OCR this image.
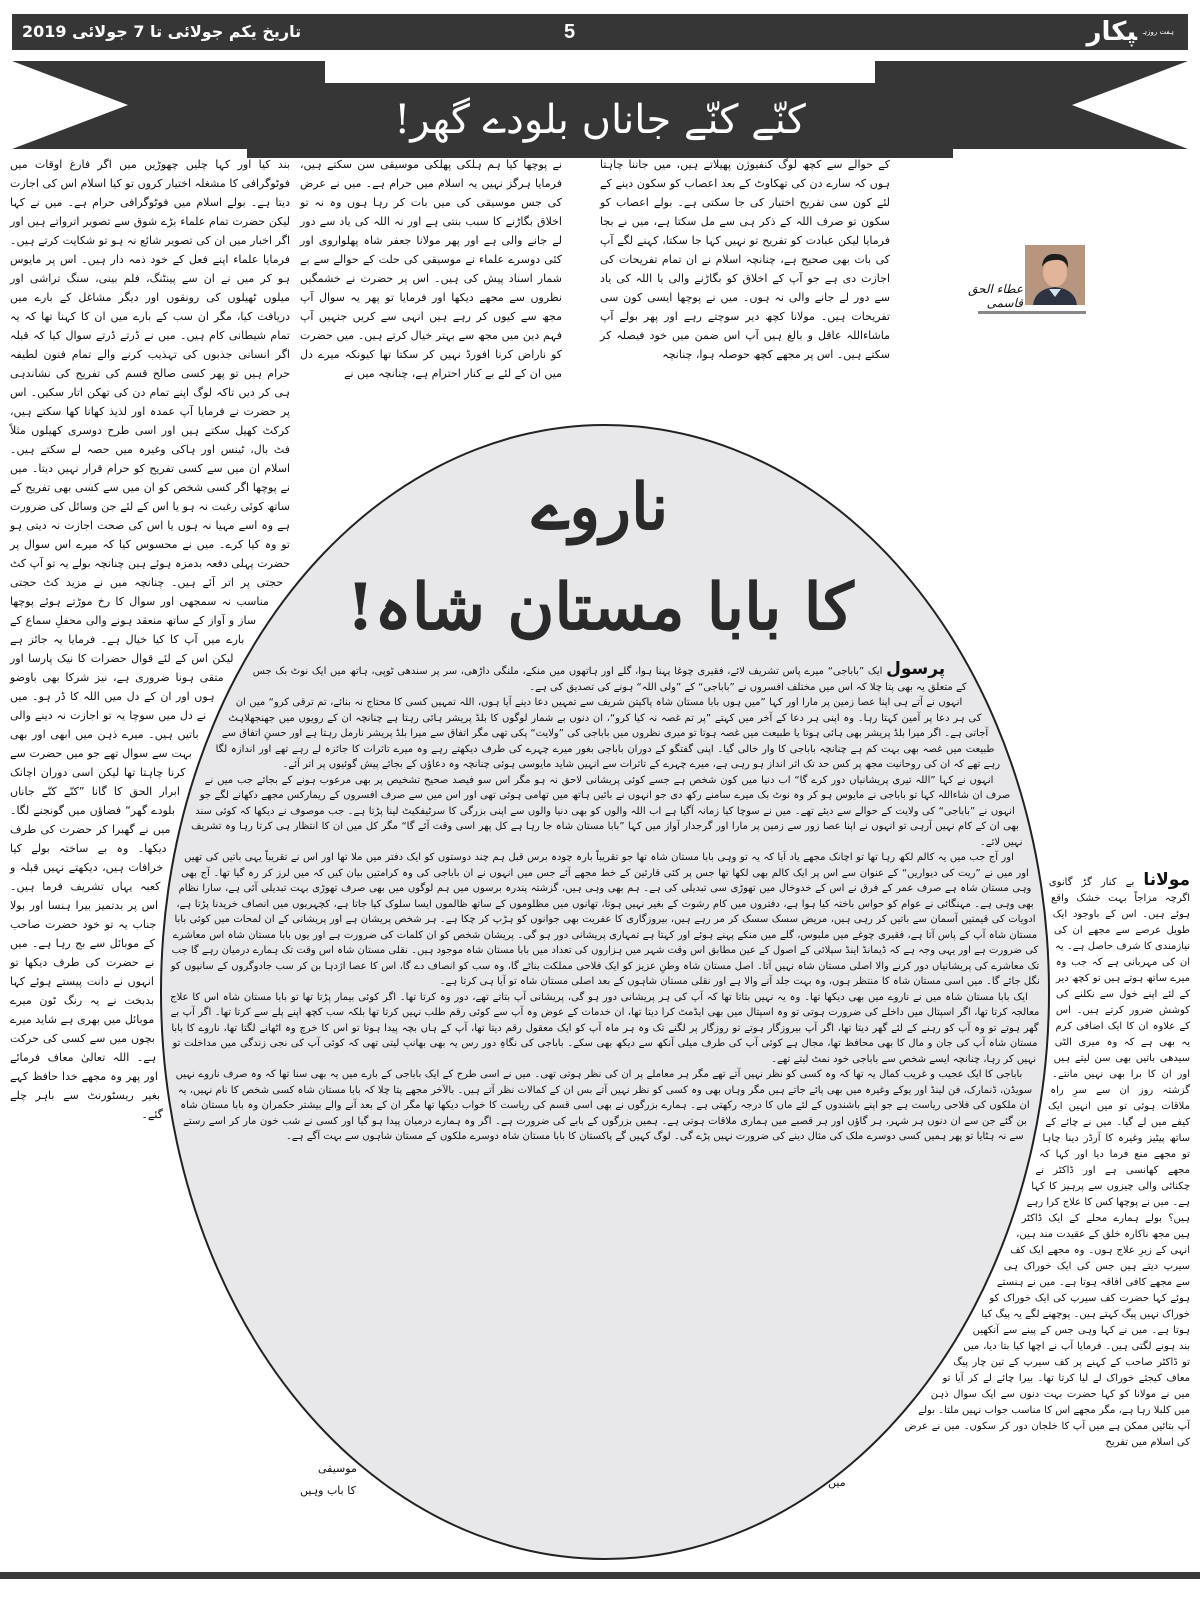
$^{ہفت روزہ}$پکار
5
تاریخ یکم جولائی تا 7 جولائی 2019
کنّے کنّے جاناں بلودے گھر!
عطاء الحق قاسمی

بند کیا اور کہا چلیں چھوڑیں میں اگر فارغ اوقات میں فوٹوگرافی کا مشغلہ اختیار کروں تو کیا اسلام اس کی اجازت دیتا ہے۔ بولے اسلام میں فوٹوگرافی حرام ہے۔ میں نے کہا لیکن حضرت تمام علماء بڑے شوق سے تصویر اترواتے ہیں اور اگر اخبار میں ان کی تصویر شائع نہ ہو تو شکایت کرتے ہیں۔ فرمایا علماء اپنے فعل کے خود ذمہ دار ہیں۔ اس پر مایوس ہو کر میں نے ان سے پینٹنگ، فلم بینی، سنگ تراشی اور میلوں ٹھیلوں کی رونقوں اور دیگر مشاغل کے بارے میں دریافت کیا، مگر ان سب کے بارے میں ان کا کہنا تھا کہ یہ تمام شیطانی کام ہیں۔ میں نے ڈرتے ڈرتے سوال کیا کہ قبلہ اگر انسانی جذبوں کی تہذیب کرنے والے تمام فنون لطیفہ حرام ہیں تو پھر کسی صالح قسم کی تفریح کی نشاندہی ہی کر دیں تاکہ لوگ اپنے تمام دن کی تھکن اتار سکیں۔ اس پر حضرت نے فرمایا آپ عمدہ اور لذیذ کھانا کھا سکتے ہیں، کرکٹ کھیل سکتے ہیں اور اسی طرح دوسری کھیلوں مثلاً فٹ بال، ٹینس اور ہاکی وغیرہ میں حصہ لے سکتے ہیں۔ اسلام ان میں سے کسی تفریح کو حرام قرار نہیں دیتا۔ میں نے پوچھا اگر کسی شخص کو ان میں سے کسی بھی تفریح کے ساتھ کوئی رغبت نہ ہو یا اس کے لئے جن وسائل کی ضرورت ہے وہ اسے مہیا نہ ہوں یا اس کی صحت اجازت نہ دیتی ہو تو وہ کیا کرے۔ میں نے محسوس کیا کہ میرے اس سوال پر حضرت پہلی دفعہ بدمزہ ہوئے ہیں چنانچہ بولے یہ تو آپ کٹ حجتی پر اتر آئے ہیں۔ چنانچہ میں نے مزید کٹ حجتی مناسب نہ سمجھی اور سوال کا رخ موڑتے ہوئے پوچھا ساز و آواز کے ساتھ منعقد ہونے والی محفلِ سماع کے بارے میں آپ کا کیا خیال ہے۔ فرمایا یہ جائز ہے لیکن اس کے لئے قوال حضرات کا نیک پارسا اور متقی ہونا ضروری ہے، نیز شرکا بھی باوضو ہوں اور ان کے دل میں اللہ کا ڈر ہو۔ میں نے دل میں سوچا یہ تو اجازت نہ دینے والی باتیں ہیں۔ میرے ذہن میں ابھی اور بھی بہت سے سوال تھے جو میں حضرت سے کرنا چاہتا تھا لیکن اسی دوران اچانک ابرار الحق کا گانا ”کنّے کنّے جاناں بلودے گھر“ فضاؤں میں گونجنے لگا۔ میں نے گھبرا کر حضرت کی طرف دیکھا۔ وہ بے ساختہ بولے کیا خرافات ہیں، دیکھتے نہیں قبلہ و کعبہ یہاں تشریف فرما ہیں۔ اس پر بدتمیز بیرا ہنسا اور بولا جناب یہ تو خود حضرت صاحب کے موبائل سے بج رہا ہے۔ میں نے حضرت کی طرف دیکھا تو انہوں نے دانت پیستے ہوئے کہا بدبخت نے یہ رنگ ٹون میرے موبائل میں بھری ہے شاید میرے بچوں میں سے کسی کی حرکت ہے۔ اللہ تعالیٰ معاف فرمائے اور پھر وہ مجھے خدا حافظ کہے بغیر ریسٹورنٹ سے باہر چلے گئے۔

نے پوچھا کیا ہم ہلکی پھلکی موسیقی سن سکتے ہیں، فرمایا ہرگز نہیں یہ اسلام میں حرام ہے۔ میں نے عرض کی جس موسیقی کی میں بات کر رہا ہوں وہ نہ تو اخلاق بگاڑنے کا سبب بنتی ہے اور نہ اللہ کی یاد سے دور لے جانے والی ہے اور پھر مولانا جعفر شاہ پھلواروی اور کئی دوسرے علماء نے موسیقی کی حلت کے حوالے سے بے شمار اسناد پیش کی ہیں۔ اس پر حضرت نے خشمگیں نظروں سے مجھے دیکھا اور فرمایا تو پھر یہ سوال آپ مجھ سے کیوں کر رہے ہیں انہی سے کریں جنہیں آپ فہم دین میں مجھ سے بہتر خیال کرتے ہیں۔ میں حضرت کو ناراض کرنا افورڈ نہیں کر سکتا تھا کیونکہ میرے دل میں ان کے لئے بے کنار احترام ہے، چنانچہ میں نے

کے حوالے سے کچھ لوگ کنفیوژن پھیلاتے ہیں، میں جاننا چاہتا ہوں کہ سارے دن کی تھکاوٹ کے بعد اعصاب کو سکون دینے کے لئے کون سی تفریح اختیار کی جا سکتی ہے۔ بولے اعصاب کو سکون تو صرف اللہ کے ذکر ہی سے مل سکتا ہے، میں نے بجا فرمایا لیکن عبادت کو تفریح تو نہیں کہا جا سکتا، کہنے لگے آپ کی بات بھی صحیح ہے، چنانچہ اسلام نے ان تمام تفریحات کی اجازت دی ہے جو آپ کے اخلاق کو بگاڑنے والی یا اللہ کی یاد سے دور لے جانے والی نہ ہوں۔ میں نے پوچھا ایسی کون سی تفریحات ہیں۔ مولانا کچھ دیر سوچتے رہے اور پھر بولے آپ ماشاءاللہ عاقل و بالغ ہیں آپ اس ضمن میں خود فیصلہ کر سکتے ہیں۔ اس پر مجھے کچھ حوصلہ ہوا، چنانچہ

مولانا بے کنار گڑ گانوی اگرچہ مزاجاً بہت خشک واقع ہوئے ہیں۔ اس کے باوجود ایک طویل عرصے سے مجھے ان کی نیازمندی کا شرف حاصل ہے۔ یہ ان کی مہربانی ہے کہ جب وہ میرے ساتھ ہوتے ہیں تو کچھ دیر کے لئے اپنے خول سے نکلنے کی کوشش ضرور کرتے ہیں۔ اس کے علاوہ ان کا ایک اضافی کرم یہ بھی ہے کہ وہ میری الٹی سیدھی باتیں بھی سن لیتے ہیں اور ان کا برا بھی نہیں مانتے۔ گزشتہ روز ان سے سرِ راہ ملاقات ہوئی تو میں انہیں ایک کیفے میں لے گیا۔ میں نے چائے کے ساتھ پیٹیز وغیرہ کا آرڈر دینا چاہا تو مجھے منع فرما دیا اور کہا کہ مجھے کھانسی ہے اور ڈاکٹر نے چکنائی والی چیزوں سے پرہیز کا کہا ہے۔ میں نے پوچھا کس کا علاج کرا رہے ہیں؟ بولے ہمارے محلے کے ایک ڈاکٹر ہیں مجھ ناکارہ خلق کے عقیدت مند ہیں، انہی کے زیرِ علاج ہوں۔ وہ مجھے ایک کف سیرپ دیتے ہیں جس کی ایک خوراک ہی سے مجھے کافی افاقہ ہوتا ہے۔ میں نے ہنستے ہوئے کہا حضرت کف سیرپ کی ایک خوراک کو خوراک نہیں پیگ کہتے ہیں۔ پوچھنے لگے یہ پیگ کیا ہوتا ہے۔ میں نے کہا وہی جس کے پینے سے آنکھیں بند ہونے لگتی ہیں۔ فرمایا آپ نے اچھا کیا بتا دیا، میں تو ڈاکٹر صاحب کے کہنے پر کف سیرپ کے تین چار پیگ معاف کیجئے خوراک لے لیا کرتا تھا۔ بیرا چائے لے کر آیا تو میں نے مولانا کو کہا حضرت بہت دنوں سے ایک سوال ذہن میں کلبلا رہا ہے، مگر مجھے اس کا مناسب جواب نہیں ملتا۔ بولے آپ بتائیں ممکن ہے میں آپ کا خلجان دور کر سکوں۔ میں نے عرض کی اسلام میں تفریح

ناروے
کا بابا مستان شاہ!

پرسول ایک ”باباجی“ میرے پاس تشریف لائے، فقیری چوغا پہنا ہوا، گلے اور ہاتھوں میں منکے، ملنگی داڑھی، سر پر سندھی ٹوپی، ہاتھ میں ایک نوٹ بک جس کے متعلق یہ بھی پتا چلا کہ اس میں مختلف افسروں نے ”باباجی“ کے ”ولی اللہ“ ہونے کی تصدیق کی ہے۔

انہوں نے آتے ہی اپنا عصا زمین پر مارا اور کہا ”میں ہوں بابا مستان شاہ پاکپتن شریف سے تمہیں دعا دینے آیا ہوں، اللہ تمہیں کسی کا محتاج نہ بنائے، تم ترقی کرو“ میں ان کی ہر دعا پر آمین کہتا رہا۔ وہ اپنی ہر دعا کے آخر میں کہتے ”پر تم غصہ نہ کیا کرو“، ان دنوں بے شمار لوگوں کا بلڈ پریشر ہائی رہتا ہے چنانچہ ان کے رویوں میں جھنجھلاہٹ آجاتی ہے۔ اگر میرا بلڈ پریشر بھی ہائی ہوتا یا طبیعت میں غصہ ہوتا تو میری نظروں میں باباجی کی ”ولایت“ پکی تھی مگر اتفاق سے میرا بلڈ پریشر نارمل رہتا ہے اور حسنِ اتفاق سے طبیعت میں غصہ بھی بہت کم ہے چنانچہ باباجی کا وار خالی گیا۔ اپنی گفتگو کے دوران باباجی بغور میرے چہرے کی طرف دیکھتے رہے وہ میرے تاثرات کا جائزہ لے رہے تھے اور اندازہ لگا رہے تھے کہ ان کی روحانیت مجھ پر کس حد تک اثر انداز ہو رہی ہے، میرے چہرے کے تاثرات سے انہیں شاید مایوسی ہوئی چنانچہ وہ دعاؤں کے بجائے پیش گوئیوں پر اتر آئے۔

انہوں نے کہا ”اللہ تیری پریشانیاں دور کرے گا“ اب دنیا میں کون شخص ہے جسے کوئی پریشانی لاحق نہ ہو مگر اس سو فیصد صحیح تشخیص پر بھی مرعوب ہونے کے بجائے جب میں نے صرف ان شاءاللہ کہا تو باباجی نے مایوس ہو کر وہ نوٹ بک میرے سامنے رکھ دی جو انہوں نے بائیں ہاتھ میں تھامی ہوئی تھی اور اس میں سے صرف افسروں کے ریمارکس مجھے دکھانے لگے جو انہوں نے ”باباجی“ کی ولایت کے حوالے سے دیئے تھے۔ میں نے سوچا کیا زمانہ آگیا ہے اب اللہ والوں کو بھی دنیا والوں سے اپنی بزرگی کا سرٹیفکیٹ لینا پڑتا ہے۔ جب موصوف نے دیکھا کہ کوئی سند بھی ان کے کام نہیں آرہی تو انہوں نے اپنا عصا زور سے زمین پر مارا اور گرجدار آواز میں کہا ”بابا مستان شاہ جا رہا ہے کل پھر اسی وقت آئے گا“ مگر کل میں ان کا انتظار ہی کرتا رہا وہ تشریف نہیں لائے۔

اور آج جب میں یہ کالم لکھ رہا تھا تو اچانک مجھے یاد آیا کہ یہ تو وہی بابا مستان شاہ تھا جو تقریباً بارہ چودہ برس قبل ہم چند دوستوں کو ایک دفتر میں ملا تھا اور اس نے تقریباً یہی باتیں کی تھیں اور میں نے ”ریت کی دیواریں“ کے عنوان سے اس پر ایک کالم بھی لکھا تھا جس پر کئی قارئین کے خط مجھے آئے جس میں انہوں نے ان باباجی کی وہ کرامتیں بیان کیں کہ میں لرز کر رہ گیا تھا۔ آج بھی وہی مستان شاہ ہے صرف عمر کے فرق نے اس کے خدوخال میں تھوڑی سی تبدیلی کی ہے۔ ہم بھی وہی ہیں، گزشتہ پندرہ برسوں میں ہم لوگوں میں بھی صرف تھوڑی بہت تبدیلی آئی ہے، سارا نظام بھی وہی ہے۔ مہنگائی نے عوام کو حواس باختہ کیا ہوا ہے، دفتروں میں کام رشوت کے بغیر نہیں ہوتا، تھانوں میں مظلوموں کے ساتھ ظالموں ایسا سلوک کیا جاتا ہے، کچہریوں میں انصاف خریدنا پڑتا ہے، ادویات کی قیمتیں آسمان سے باتیں کر رہی ہیں، مریض سسک سسک کر مر رہے ہیں، بیروزگاری کا عفریت بھی جوانوں کو ہڑپ کر چکا ہے۔ ہر شخص پریشان ہے اور پریشانی کے ان لمحات میں کوئی بابا مستان شاہ آپ کے پاس آتا ہے، فقیری چوغے میں ملبوس، گلے میں منکے پہنے ہوئے اور کہتا ہے تمہاری پریشانی دور ہو گی۔ پریشان شخص کو ان کلمات کی ضرورت ہے اور یوں بابا مستان شاہ اس معاشرے کی ضرورت ہے اور یہی وجہ ہے کہ ڈیمانڈ اینڈ سپلائی کے اصول کے عین مطابق اس وقت شہر میں ہزاروں کی تعداد میں بابا مستان شاہ موجود ہیں۔ نقلی مستان شاہ اس وقت تک ہمارے درمیان رہے گا جب تک معاشرے کی پریشانیاں دور کرنے والا اصلی مستان شاہ نہیں آتا۔ اصل مستان شاہ وطنِ عزیز کو ایک فلاحی مملکت بنائے گا، وہ سب کو انصاف دے گا، اس کا عصا اژدہا بن کر سب جادوگروں کے سانپوں کو نگل جائے گا۔ میں اسی مستان شاہ کا منتظر ہوں، وہ بہت جلد آنے والا ہے اور نقلی مستان شاہوں کے بعد اصلی مستان شاہ تو آیا ہی کرتا ہے۔

ایک بابا مستان شاہ میں نے ناروے میں بھی دیکھا تھا۔ وہ یہ نہیں بتاتا تھا کہ آپ کی ہر پریشانی دور ہو گی، پریشانی آپ بتاتے تھے، دور وہ کرتا تھا۔ اگر کوئی بیمار پڑتا تھا تو بابا مستان شاہ اس کا علاج معالجہ کرتا تھا، اگر اسپتال میں داخلے کی ضرورت ہوتی تو وہ اسپتال میں بھی ایڈمٹ کرا دیتا تھا، ان خدمات کے عوض وہ آپ سے کوئی رقم طلب نہیں کرتا تھا بلکہ سب کچھ اپنے پلے سے کرتا تھا۔ اگر آپ بے گھر ہوتے تو وہ آپ کو رہنے کے لئے گھر دیتا تھا، اگر آپ بیروزگار ہوتے تو روزگار پر لگنے تک وہ ہر ماہ آپ کو ایک معقول رقم دیتا تھا، آپ کے ہاں بچہ پیدا ہوتا تو اس کا خرچ وہ اٹھانے لگتا تھا، ناروے کا بابا مستان شاہ آپ کی جان و مال کا بھی محافظ تھا، مجال ہے کوئی آپ کی طرف میلی آنکھ سے دیکھ بھی سکے۔ باباجی کی نگاہِ دور رس یہ بھی بھانپ لیتی تھی کہ کوئی آپ کی نجی زندگی میں مداخلت تو نہیں کر رہا، چنانچہ ایسے شخص سے باباجی خود نمٹ لیتے تھے۔

باباجی کا ایک عجیب و غریب کمال یہ تھا کہ وہ کسی کو نظر نہیں آتے تھے مگر ہر معاملے پر ان کی نظر ہوتی تھی۔ میں نے اسی طرح کے ایک باباجی کے بارے میں یہ بھی سنا تھا کہ وہ صرف ناروے نہیں سویڈن، ڈنمارک، فن لینڈ اور یوکے وغیرہ میں بھی پائے جاتے ہیں مگر وہاں بھی وہ کسی کو نظر نہیں آتے بس ان کے کمالات نظر آتے ہیں۔ بالآخر مجھے پتا چلا کہ بابا مستان شاہ کسی شخص کا نام نہیں، یہ ان ملکوں کی فلاحی ریاست ہے جو اپنے باشندوں کے لئے ماں کا درجہ رکھتی ہے۔ ہمارے بزرگوں نے بھی اسی قسم کی ریاست کا خواب دیکھا تھا مگر ان کے بعد آنے والے بیشتر حکمران وہ بابا مستان شاہ بن گئے جن سے ان دنوں ہر شہر، ہر گاؤں اور ہر قصبے میں ہماری ملاقات ہوتی ہے۔ ہمیں بزرگوں کے بابے کی ضرورت ہے۔ اگر وہ ہمارے درمیان پیدا ہو گیا اور کسی نے شب خون مار کر اسے رستے سے نہ ہٹایا تو پھر ہمیں کسی دوسرے ملک کی مثال دینے کی ضرورت نہیں پڑے گی۔ لوگ کہیں گے پاکستان کا بابا مستان شاہ دوسرے ملکوں کے مستان شاہوں سے بہت آگے ہے۔

موسیقی
کا باب وہیں
میں
